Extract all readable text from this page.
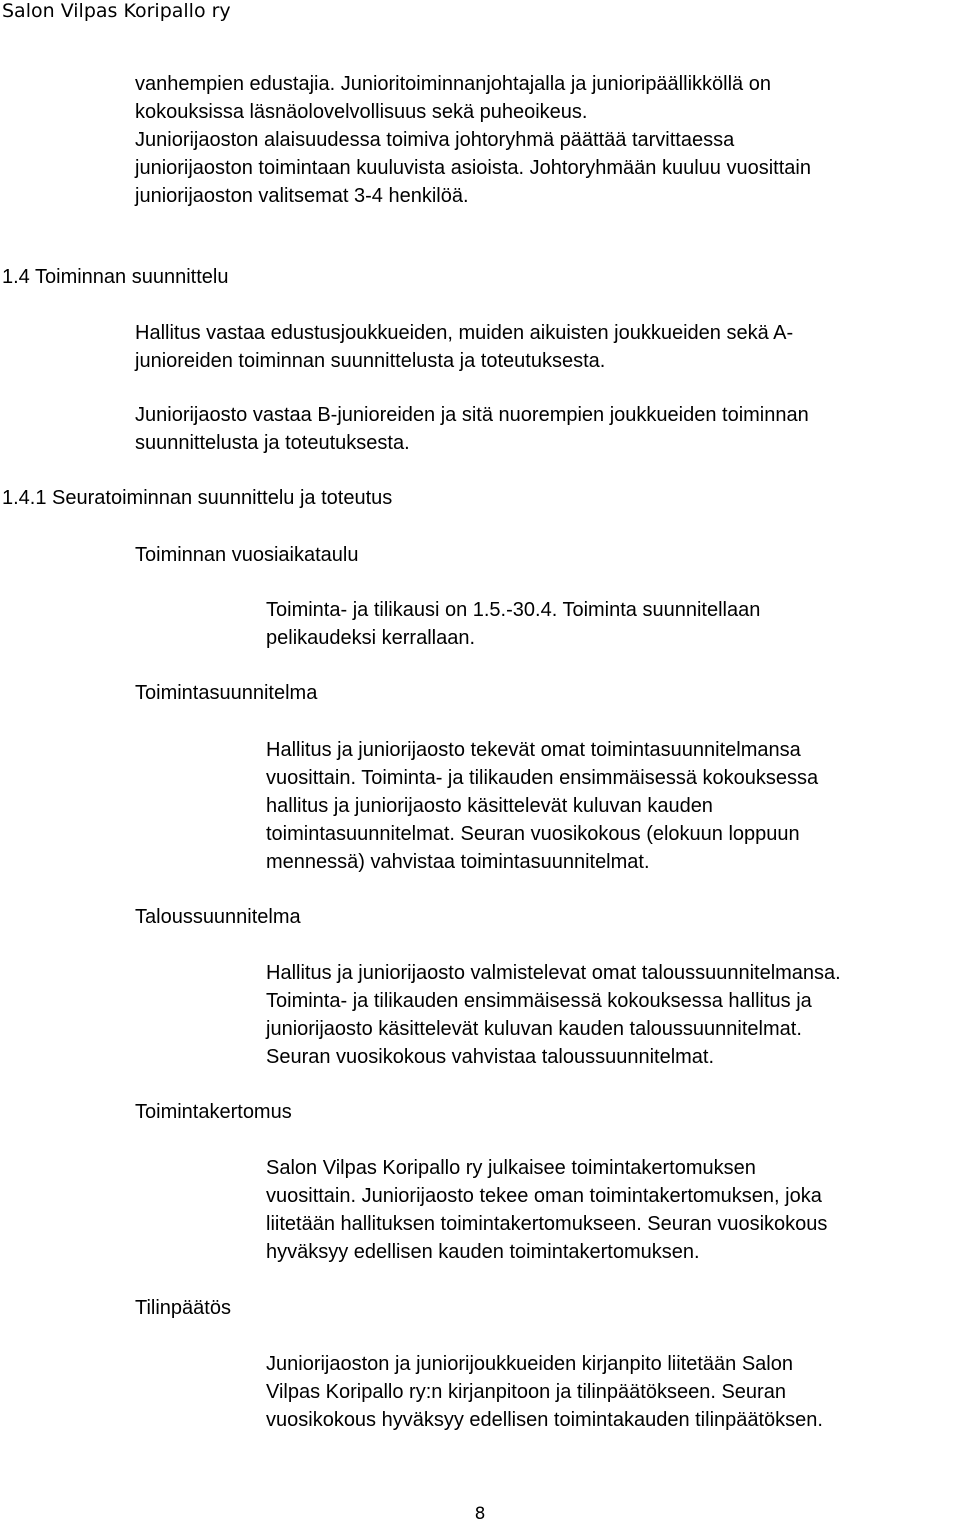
Salon Vilpas Koripallo ry
vanhempien edustajia. Junioritoiminnanjohtajalla ja junioripäällikköllä on
kokouksissa läsnäolovelvollisuus sekä puheoikeus.
Juniorijaoston alaisuudessa toimiva johtoryhmä päättää tarvittaessa
juniorijaoston toimintaan kuuluvista asioista. Johtoryhmään kuuluu vuosittain
juniorijaoston valitsemat 3-4 henkilöä.
1.4 Toiminnan suunnittelu
Hallitus vastaa edustusjoukkueiden, muiden aikuisten joukkueiden sekä A-
junioreiden toiminnan suunnittelusta ja toteutuksesta.
Juniorijaosto vastaa B-junioreiden ja sitä nuorempien joukkueiden toiminnan
suunnittelusta ja toteutuksesta.
1.4.1 Seuratoiminnan suunnittelu ja toteutus
Toiminnan vuosiaikataulu
Toiminta- ja tilikausi on 1.5.-30.4. Toiminta suunnitellaan
pelikaudeksi kerrallaan.
Toimintasuunnitelma
Hallitus ja juniorijaosto tekevät omat toimintasuunnitelmansa
vuosittain. Toiminta- ja tilikauden ensimmäisessä kokouksessa
hallitus ja juniorijaosto käsittelevät kuluvan kauden
toimintasuunnitelmat. Seuran vuosikokous (elokuun loppuun
mennessä) vahvistaa toimintasuunnitelmat.
Taloussuunnitelma
Hallitus ja juniorijaosto valmistelevat omat taloussuunnitelmansa.
Toiminta- ja tilikauden ensimmäisessä kokouksessa hallitus ja
juniorijaosto käsittelevät kuluvan kauden taloussuunnitelmat.
Seuran vuosikokous vahvistaa taloussuunnitelmat.
Toimintakertomus
Salon Vilpas Koripallo ry julkaisee toimintakertomuksen
vuosittain. Juniorijaosto tekee oman toimintakertomuksen, joka
liitetään hallituksen toimintakertomukseen. Seuran vuosikokous
hyväksyy edellisen kauden toimintakertomuksen.
Tilinpäätös
Juniorijaoston ja juniorijoukkueiden kirjanpito liitetään Salon
Vilpas Koripallo ry:n kirjanpitoon ja tilinpäätökseen. Seuran
vuosikokous hyväksyy edellisen toimintakauden tilinpäätöksen.
8
